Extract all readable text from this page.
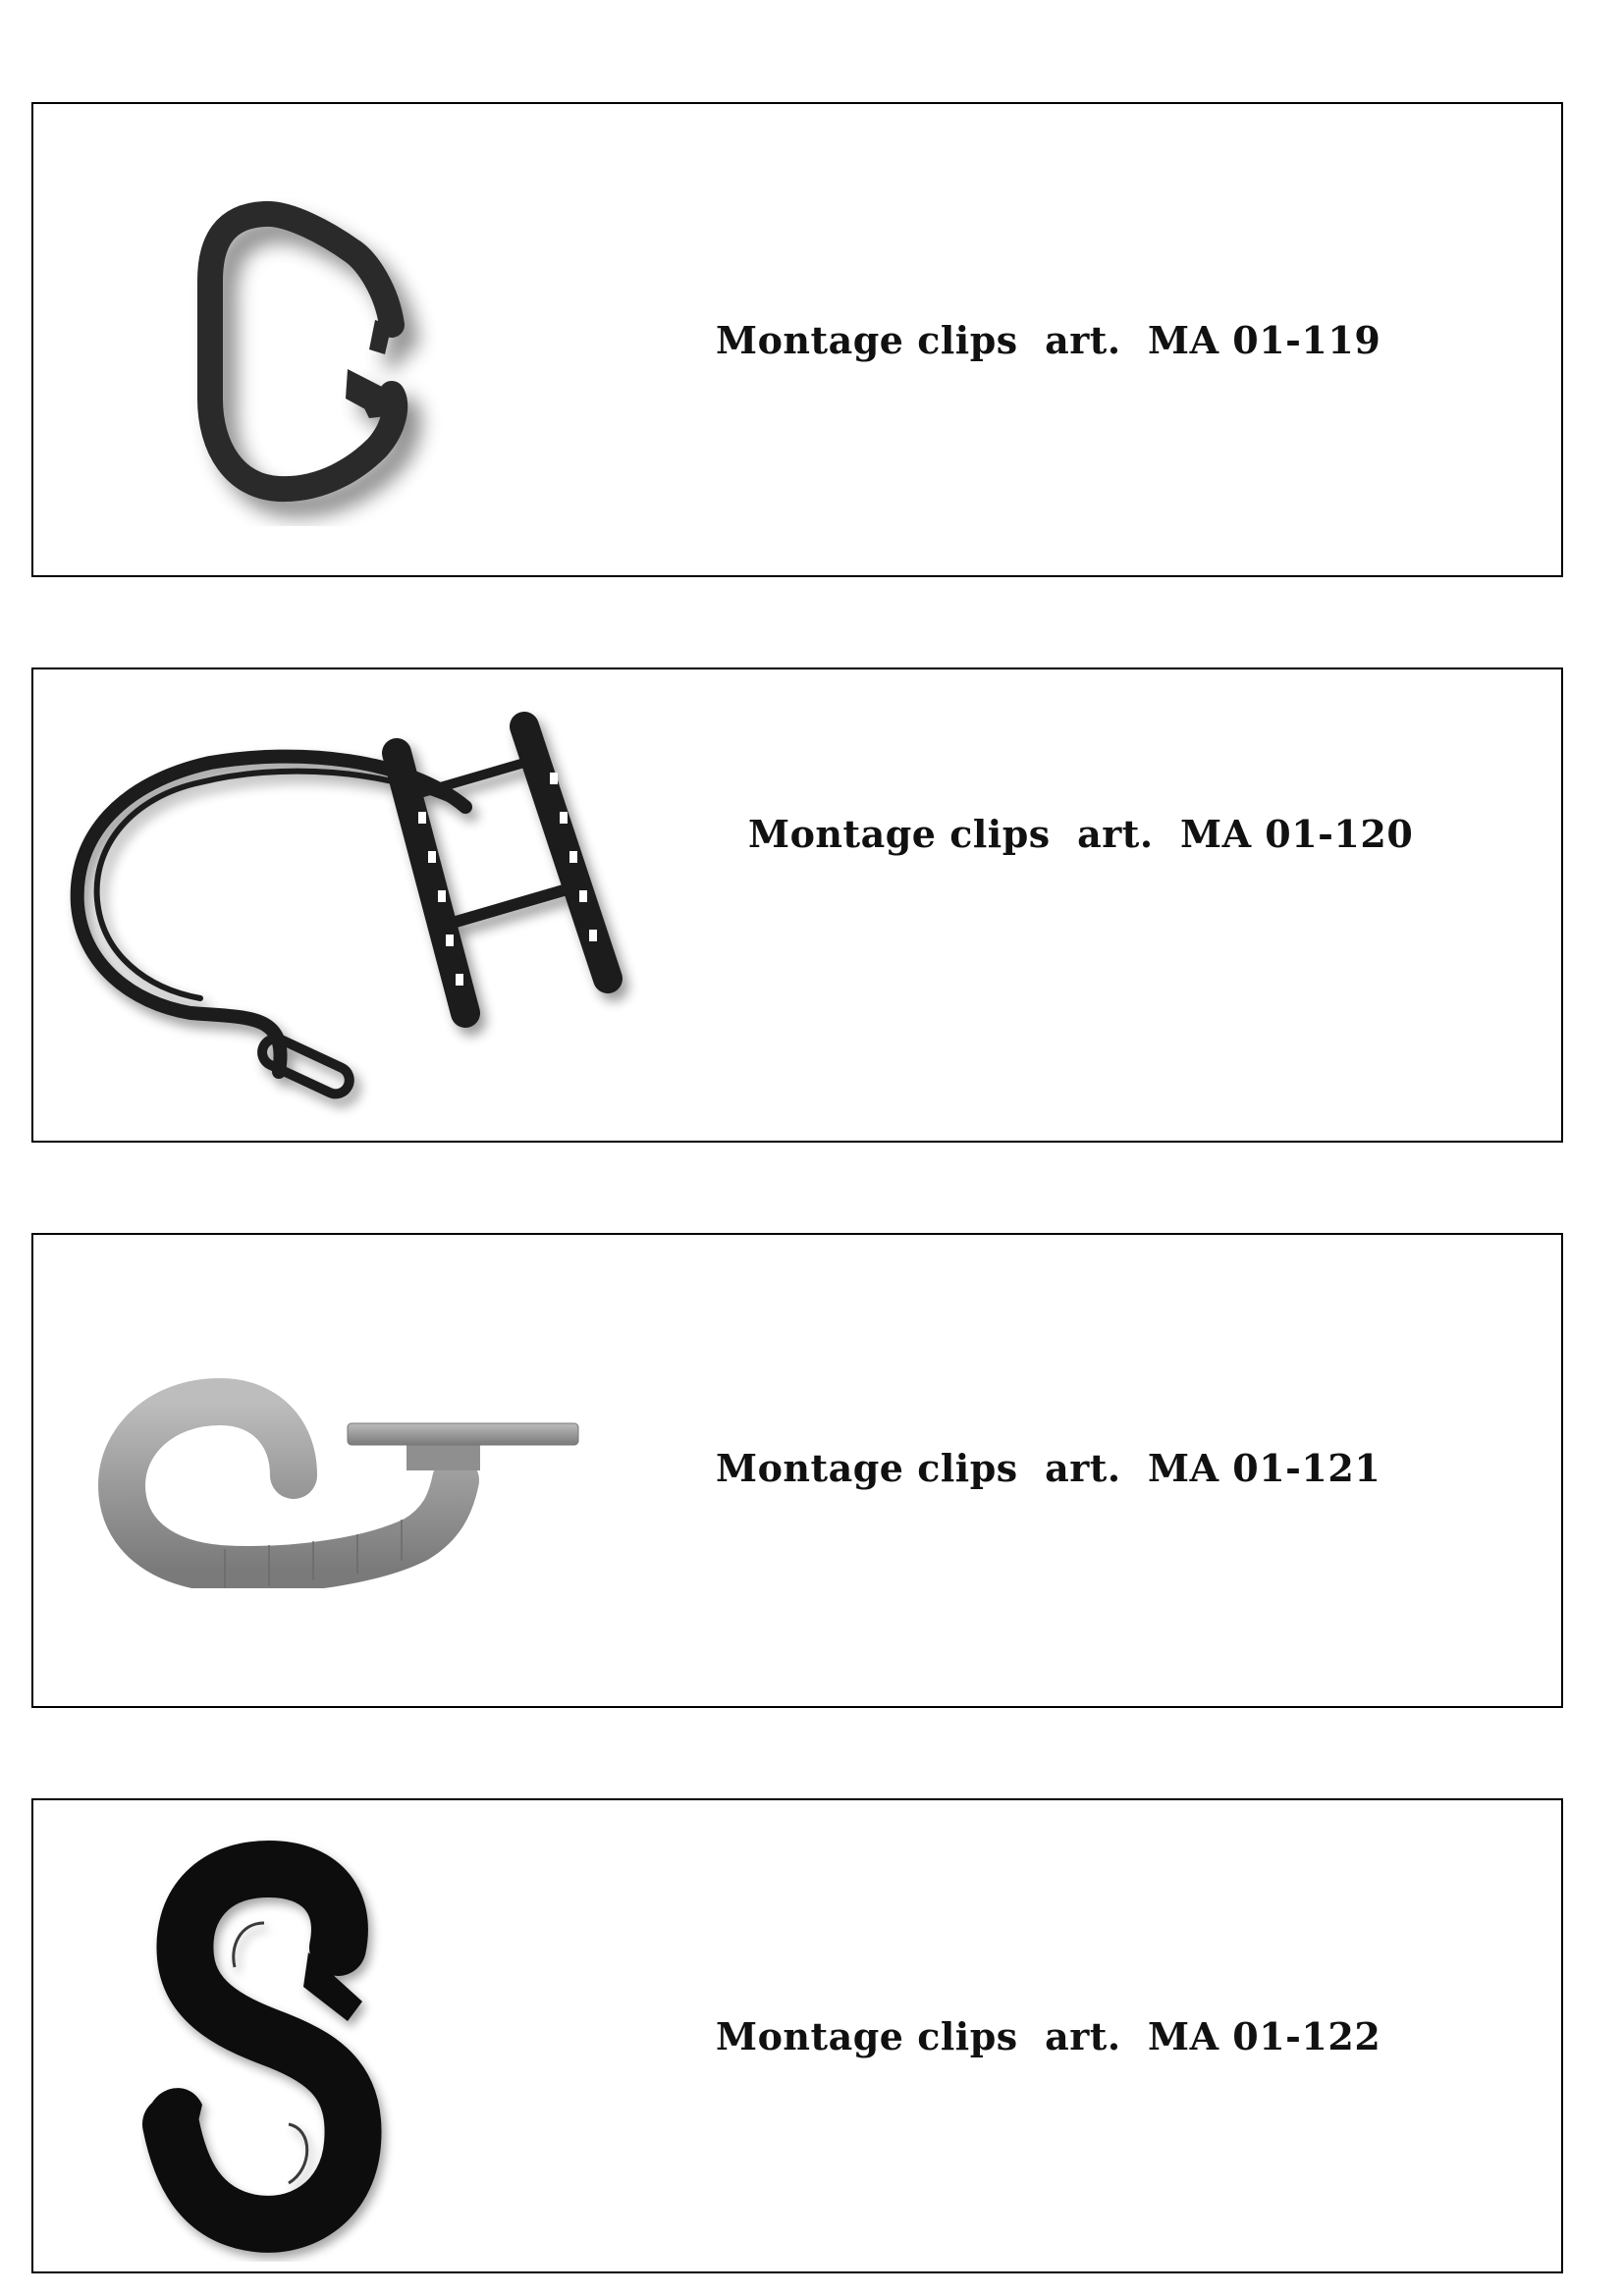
Montage clips  art.  MA 01-119
Montage clips  art.  MA 01-120
Montage clips  art.  MA 01-121
Montage clips  art.  MA 01-122
